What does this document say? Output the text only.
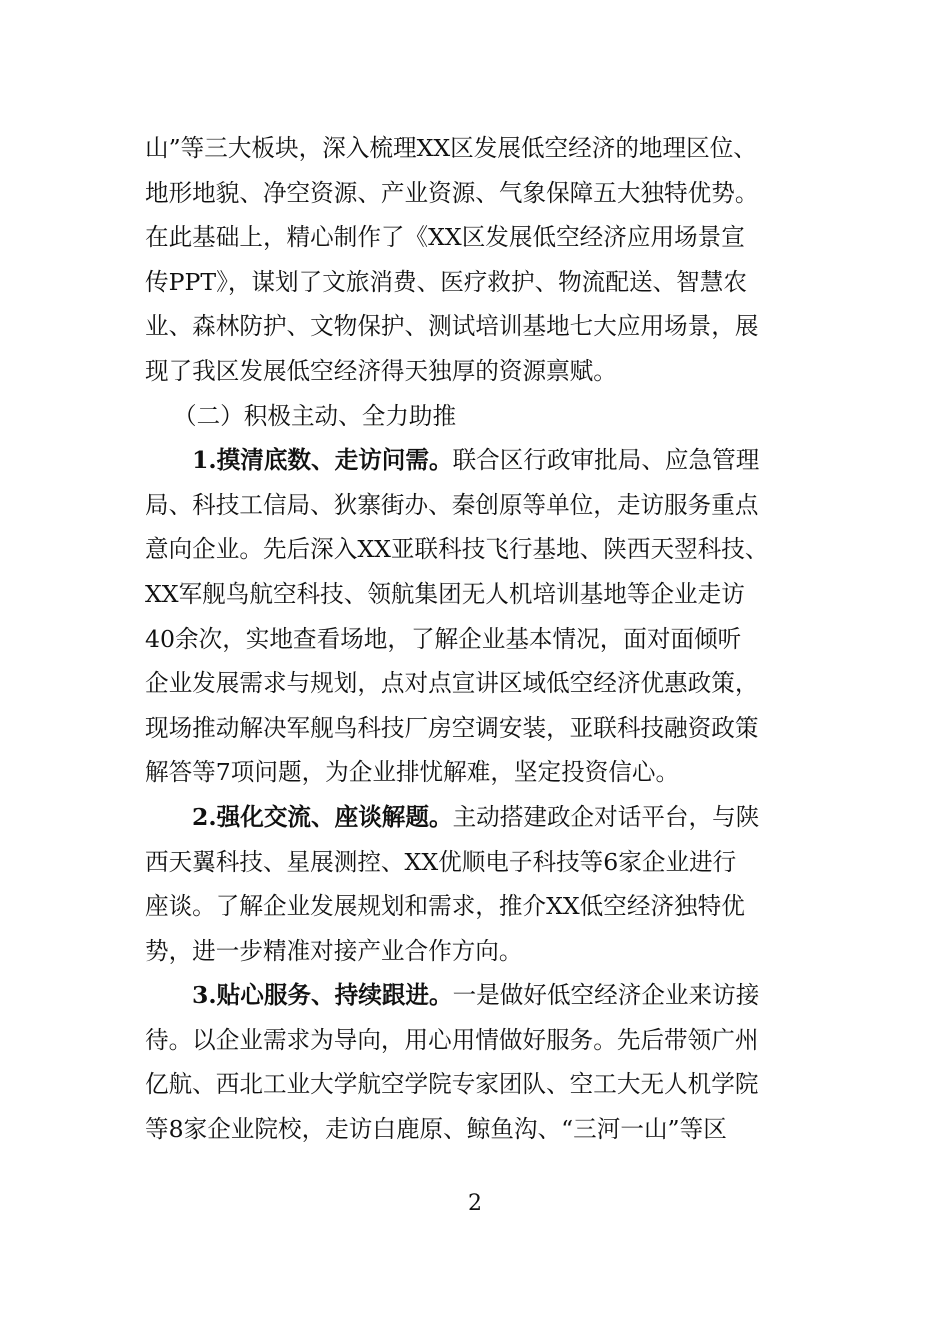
山”等三大板块，深入梳理XX区发展低空经济的地理区位、
地形地貌、净空资源、产业资源、气象保障五大独特优势。
在此基础上，精心制作了《XX区发展低空经济应用场景宣
传PPT》，谋划了文旅消费、医疗救护、物流配送、智慧农
业、森林防护、文物保护、测试培训基地七大应用场景，展
现了我区发展低空经济得天独厚的资源禀赋。
（二）积极主动、全力助推
1.摸清底数、走访问需。联合区行政审批局、应急管理
局、科技工信局、狄寨街办、秦创原等单位，走访服务重点
意向企业。先后深入XX亚联科技飞行基地、陕西天翌科技、
XX军舰鸟航空科技、领航集团无人机培训基地等企业走访
40余次，实地查看场地，了解企业基本情况，面对面倾听
企业发展需求与规划，点对点宣讲区域低空经济优惠政策，
现场推动解决军舰鸟科技厂房空调安装，亚联科技融资政策
解答等7项问题，为企业排忧解难，坚定投资信心。
2.强化交流、座谈解题。主动搭建政企对话平台，与陕
西天翼科技、星展测控、XX优顺电子科技等6家企业进行
座谈。了解企业发展规划和需求，推介XX低空经济独特优
势，进一步精准对接产业合作方向。
3.贴心服务、持续跟进。一是做好低空经济企业来访接
待。以企业需求为导向，用心用情做好服务。先后带领广州
亿航、西北工业大学航空学院专家团队、空工大无人机学院
等8家企业院校，走访白鹿原、鲸鱼沟、“三河一山”等区
2
